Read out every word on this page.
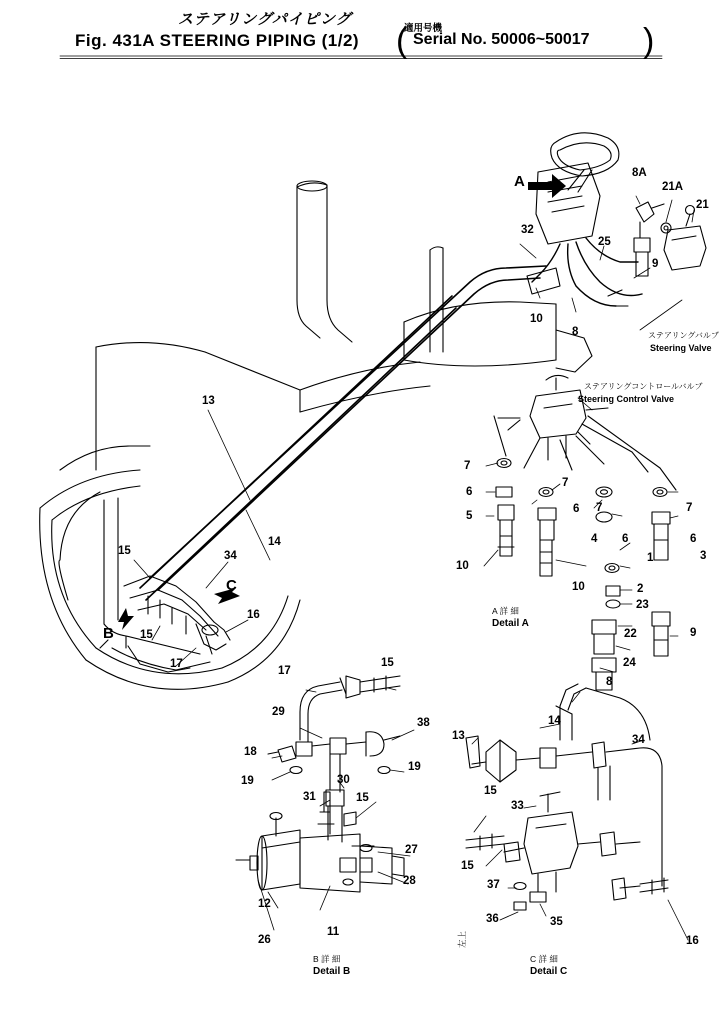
ステアリングパイピング
適用号機
Fig. 431A STEERING PIPING (1/2) ( Serial No. 50006~50017 )
A
B
C
ステアリングバルブ
Steering Valve
ステアリングコントロールバルブ
Steering Control Valve
A 詳 細
Detail A
B 詳 細
Detail B
C 詳 細
Detail C
左上
32
8A
21A
21
25
9
10
8
13
14
15	34
15
16
17
7
6
5
7
6 7	7
4 6
1
6
3
10
10	2
23
22	9
24
8
17
15
29
38
18
19
19
30
15
31
27
28
12
11
26
13
14
34
15
33
15
37
36	35
16
